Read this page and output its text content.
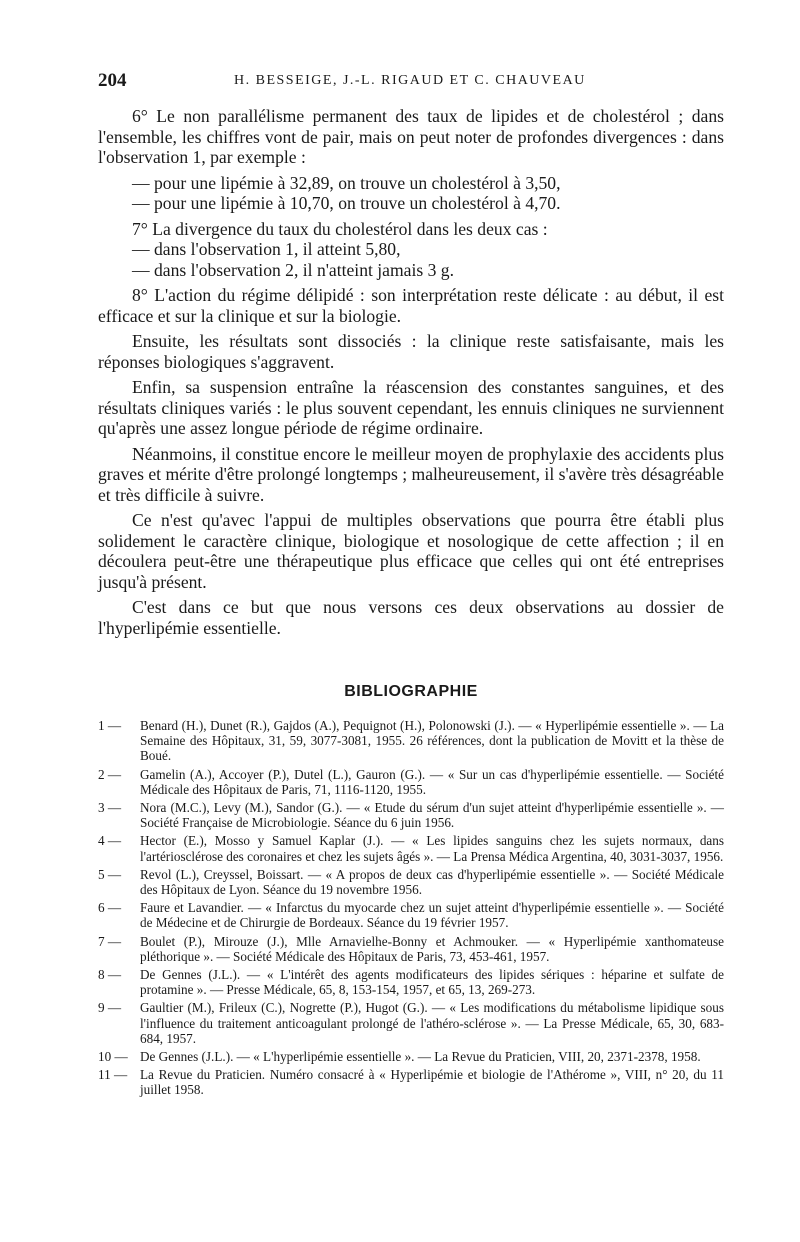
204	H. BESSEIGE, J.-L. RIGAUD ET C. CHAUVEAU

6° Le non parallélisme permanent des taux de lipides et de cholestérol ; dans l'ensemble, les chiffres vont de pair, mais on peut noter de profondes divergences : dans l'observation 1, par exemple :

— pour une lipémie à 32,89, on trouve un cholestérol à 3,50,

— pour une lipémie à 10,70, on trouve un cholestérol à 4,70.

7° La divergence du taux du cholestérol dans les deux cas :

— dans l'observation 1, il atteint 5,80,

— dans l'observation 2, il n'atteint jamais 3 g.

8° L'action du régime délipidé : son interprétation reste délicate : au début, il est efficace et sur la clinique et sur la biologie.

Ensuite, les résultats sont dissociés : la clinique reste satisfaisante, mais les réponses biologiques s'aggravent.

Enfin, sa suspension entraîne la réascension des constantes sanguines, et des résultats cliniques variés : le plus souvent cependant, les ennuis cliniques ne surviennent qu'après une assez longue période de régime ordinaire.

Néanmoins, il constitue encore le meilleur moyen de prophylaxie des accidents plus graves et mérite d'être prolongé longtemps ; malheureusement, il s'avère très désagréable et très difficile à suivre.

Ce n'est qu'avec l'appui de multiples observations que pourra être établi plus solidement le caractère clinique, biologique et nosologique de cette affection ; il en découlera peut-être une thérapeutique plus efficace que celles qui ont été entreprises jusqu'à présent.

C'est dans ce but que nous versons ces deux observations au dossier de l'hyperlipémie essentielle.

BIBLIOGRAPHIE
1 —	Benard (H.), Dunet (R.), Gajdos (A.), Pequignot (H.), Polonowski (J.). — « Hyperlipémie essentielle ». — La Semaine des Hôpitaux, 31, 59, 3077-3081, 1955. 26 références, dont la publication de Movitt et la thèse de Boué.
2 —	Gamelin (A.), Accoyer (P.), Dutel (L.), Gauron (G.). — « Sur un cas d'hyperlipémie essentielle. — Société Médicale des Hôpitaux de Paris, 71, 1116-1120, 1955.
3 —	Nora (M.C.), Levy (M.), Sandor (G.). — « Etude du sérum d'un sujet atteint d'hyperlipémie essentielle ». — Société Française de Microbiologie. Séance du 6 juin 1956.
4 —	Hector (E.), Mosso y Samuel Kaplar (J.). — « Les lipides sanguins chez les sujets normaux, dans l'artériosclérose des coronaires et chez les sujets âgés ». — La Prensa Médica Argentina, 40, 3031-3037, 1956.
5 —	Revol (L.), Creyssel, Boissart. — « A propos de deux cas d'hyperlipémie essentielle ». — Société Médicale des Hôpitaux de Lyon. Séance du 19 novembre 1956.
6 —	Faure et Lavandier. — « Infarctus du myocarde chez un sujet atteint d'hyperlipémie essentielle ». — Société de Médecine et de Chirurgie de Bordeaux. Séance du 19 février 1957.
7 —	Boulet (P.), Mirouze (J.), Mlle Arnavielhe-Bonny et Achmouker. — « Hyperlipémie xanthomateuse pléthorique ». — Société Médicale des Hôpitaux de Paris, 73, 453-461, 1957.
8 —	De Gennes (J.L.). — « L'intérêt des agents modificateurs des lipides sériques : héparine et sulfate de protamine ». — Presse Médicale, 65, 8, 153-154, 1957, et 65, 13, 269-273.
9 —	Gaultier (M.), Frileux (C.), Nogrette (P.), Hugot (G.). — « Les modifications du métabolisme lipidique sous l'influence du traitement anticoagulant prolongé de l'athéro-sclérose ». — La Presse Médicale, 65, 30, 683-684, 1957.
10 — De Gennes (J.L.). — « L'hyperlipémie essentielle ». — La Revue du Praticien, VIII, 20, 2371-2378, 1958.
11 — La Revue du Praticien. Numéro consacré à « Hyperlipémie et biologie de l'Athérome », VIII, n° 20, du 11 juillet 1958.
